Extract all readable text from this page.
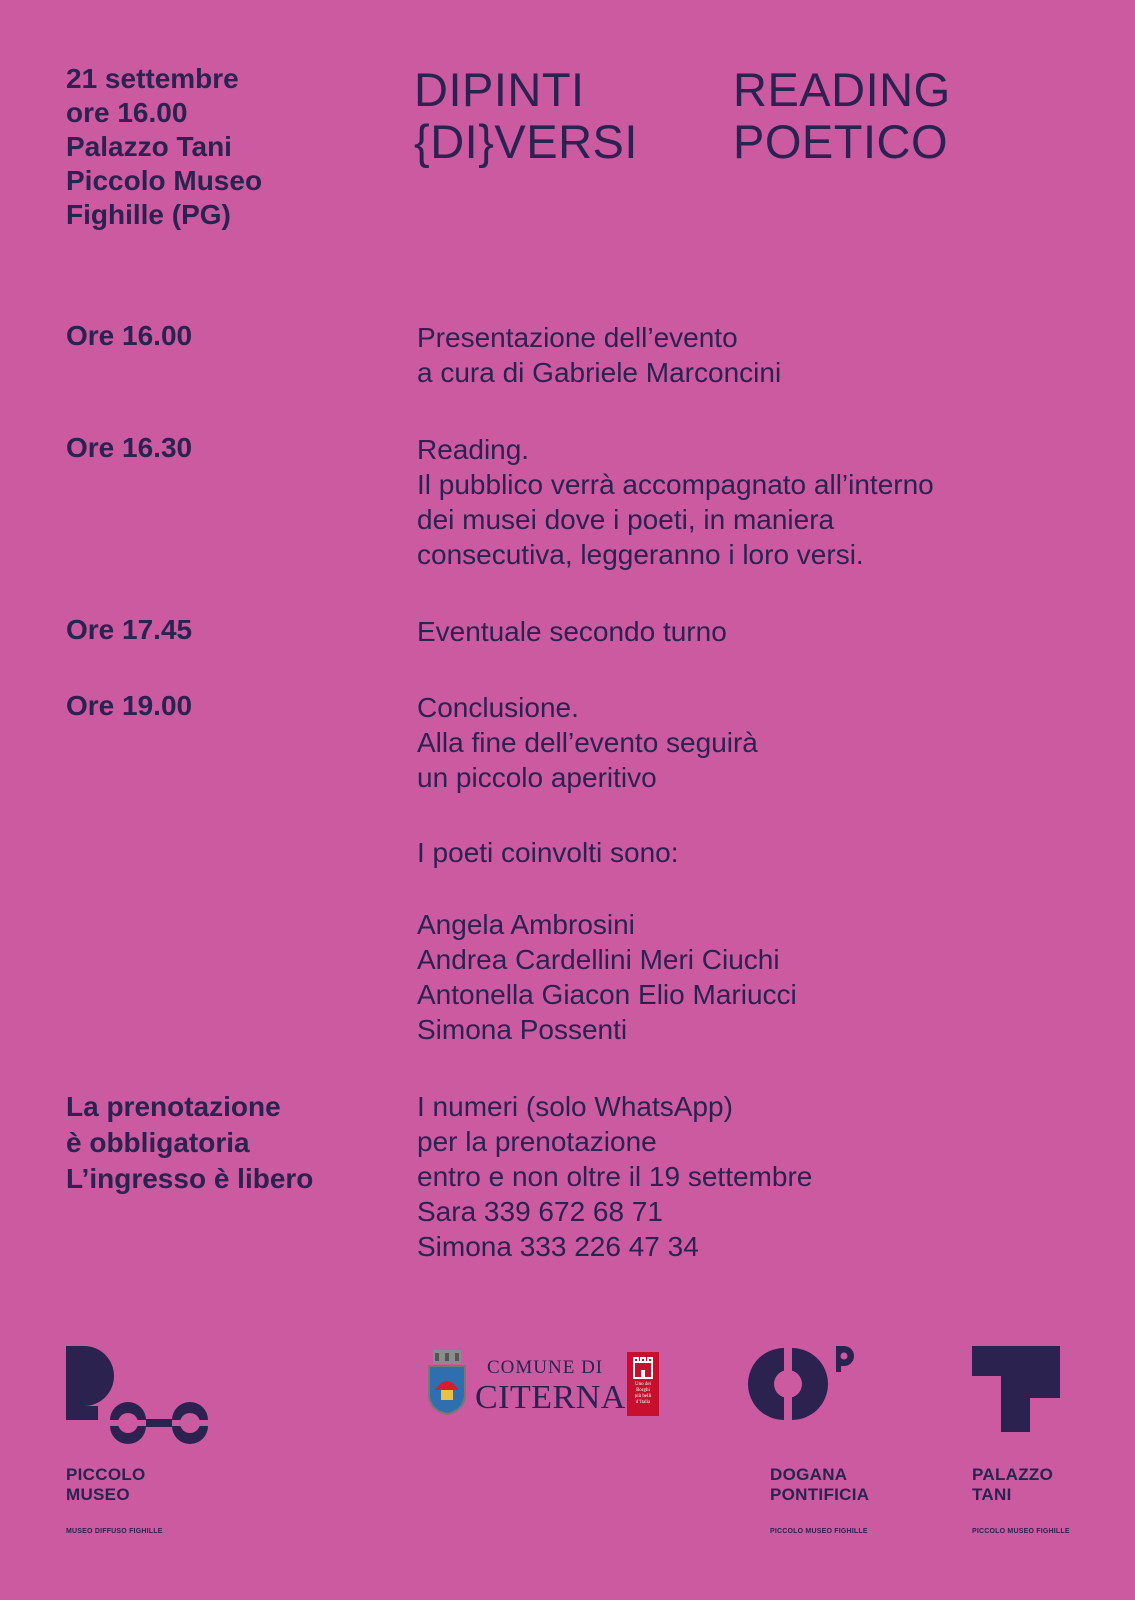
21 settembre
ore 16.00
Palazzo Tani
Piccolo Museo
Fighille (PG)
DIPINTI
{DI}VERSI
READING
POETICO
Ore 16.00	Presentazione dell’evento
a cura di Gabriele Marconcini
Ore 16.30	Reading.
Il pubblico verrà accompagnato all’interno
dei musei dove i poeti, in maniera
consecutiva, leggeranno i loro versi.
Ore 17.45	Eventuale secondo turno
Ore 19.00	Conclusione.
Alla fine dell’evento seguirà
un piccolo aperitivo
I poeti coinvolti sono:
Angela Ambrosini
Andrea Cardellini Meri Ciuchi
Antonella Giacon Elio Mariucci
Simona Possenti
La prenotazione
è obbligatoria
L’ingresso è libero
I numeri (solo WhatsApp)
per la prenotazione
entro e non oltre il 19 settembre
Sara 339 672 68 71
Simona 333 226 47 34
PICCOLO
MUSEO
MUSEO DIFFUSO FIGHILLE
COMUNE DI
CITERNA	Uno dei
Borghi
più belli
d’Italia
DOGANA
PONTIFICIA
PICCOLO MUSEO FIGHILLE
PALAZZO
TANI
PICCOLO MUSEO FIGHILLE
